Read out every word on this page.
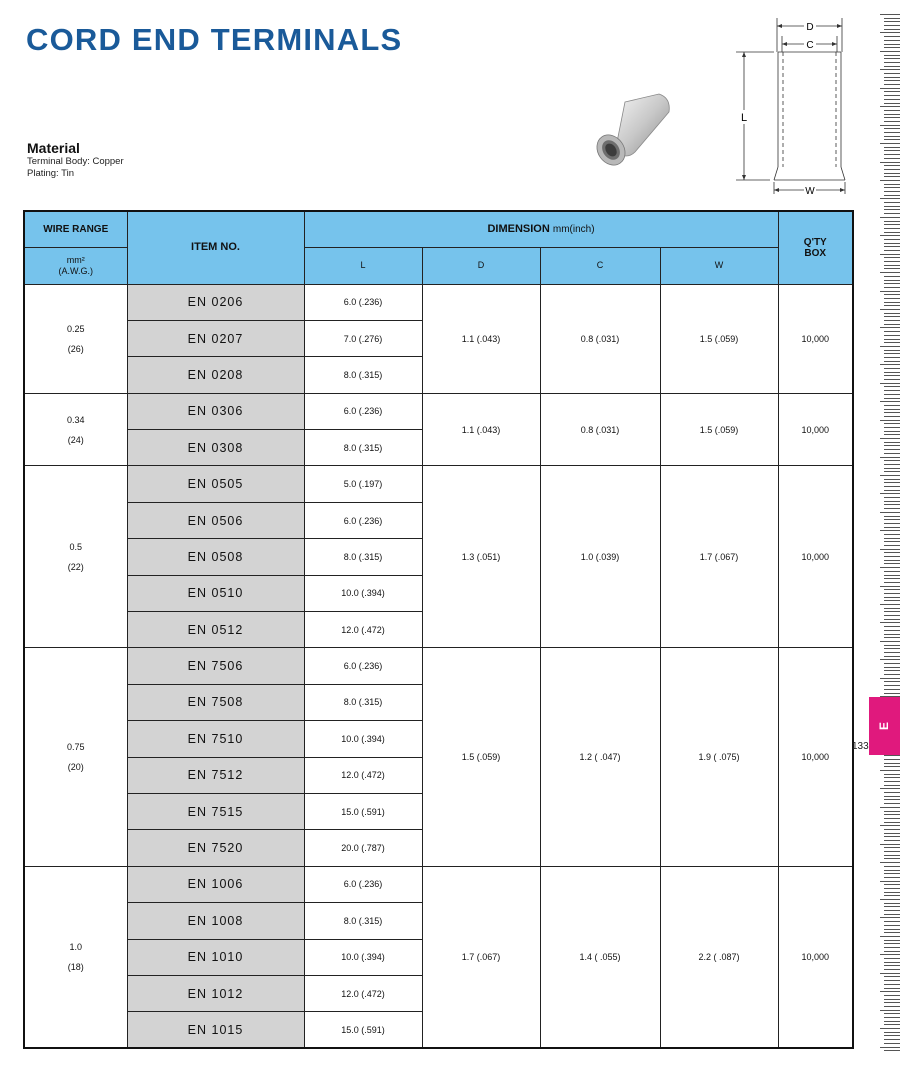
CORD END TERMINALS
Material
Terminal Body: Copper
Plating: Tin
D
C
L
W
WIRE RANGE	ITEM NO.	DIMENSION mm(inch)				Q'TY
BOX

mm²
(A.W.G.)		L	D	C	W	

0.25
(26)	EN 0206	6.0 (.236)	1.1 (.043)	0.8 (.031)	1.5 (.059)	10,000
	EN 0207	7.0 (.276)				
	EN 0208	8.0 (.315)				

0.34
(24)	EN 0306	6.0 (.236)	1.1 (.043)	0.8 (.031)	1.5 (.059)	10,000
	EN 0308	8.0 (.315)				

0.5
(22)	EN 0505	5.0 (.197)	1.3 (.051)	1.0 (.039)	1.7 (.067)	10,000
	EN 0506	6.0 (.236)				
	EN 0508	8.0 (.315)				
	EN 0510	10.0 (.394)				
	EN 0512	12.0 (.472)				

0.75
(20)	EN 7506	6.0 (.236)	1.5 (.059)	1.2 ( .047)	1.9 ( .075)	10,000
	EN 7508	8.0 (.315)				
	EN 7510	10.0 (.394)				
	EN 7512	12.0 (.472)				
	EN 7515	15.0 (.591)				
	EN 7520	20.0 (.787)				

1.0
(18)	EN 1006	6.0 (.236)	1.7 (.067)	1.4 ( .055)	2.2 ( .087)	10,000
	EN 1008	8.0 (.315)				
	EN 1010	10.0 (.394)				
	EN 1012	12.0 (.472)				
	EN 1015	15.0 (.591)				
E
133
